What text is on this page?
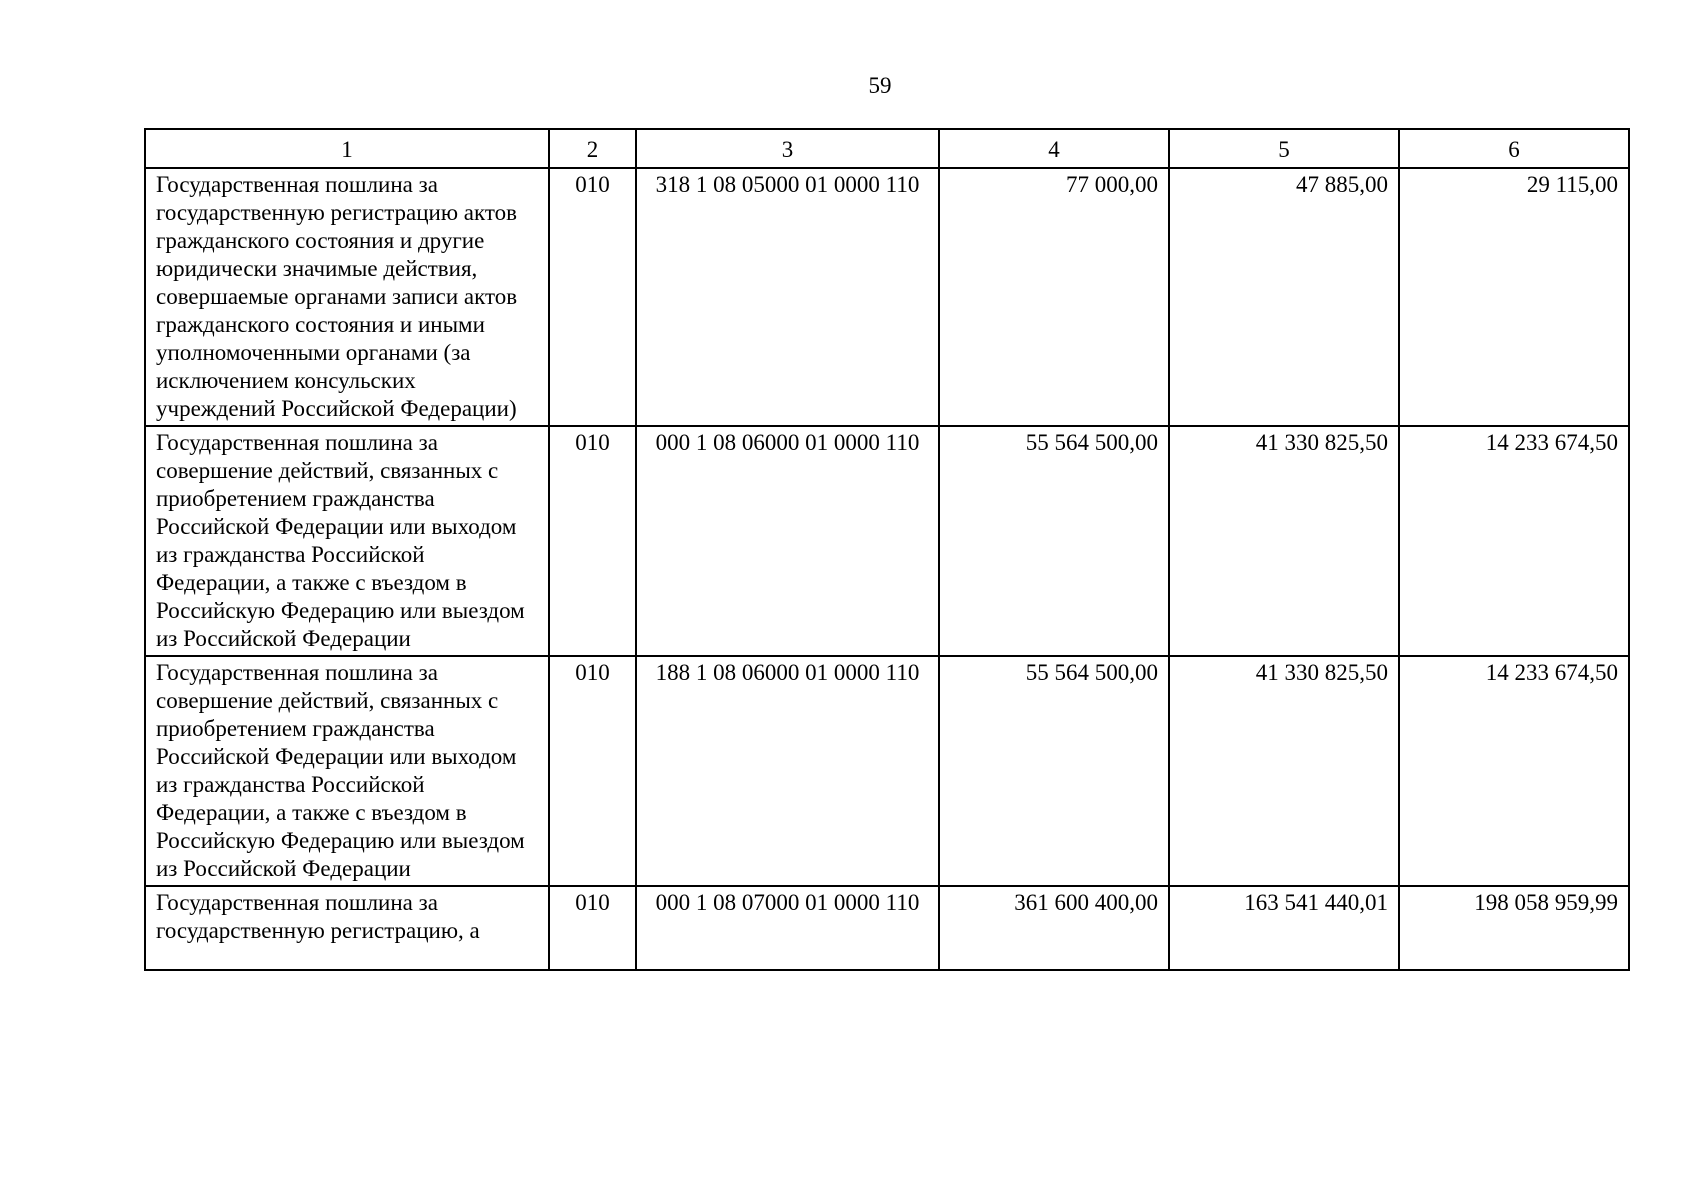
59
1	2	3	4	5	6
Государственная пошлина за государственную регистрацию актов гражданского состояния и другие юридически значимые действия, совершаемые органами записи актов гражданского состояния и иными уполномоченными органами (за исключением консульских учреждений Российской Федерации)	010	318 1 08 05000 01 0000 110	77 000,00	47 885,00	29 115,00
Государственная пошлина за совершение действий, связанных с приобретением гражданства Российской Федерации или выходом из гражданства Российской Федерации, а также с въездом в Российскую Федерацию или выездом из Российской Федерации	010	000 1 08 06000 01 0000 110	55 564 500,00	41 330 825,50	14 233 674,50
Государственная пошлина за совершение действий, связанных с приобретением гражданства Российской Федерации или выходом из гражданства Российской Федерации, а также с въездом в Российскую Федерацию или выездом из Российской Федерации	010	188 1 08 06000 01 0000 110	55 564 500,00	41 330 825,50	14 233 674,50
Государственная пошлина за государственную регистрацию, а	010	000 1 08 07000 01 0000 110	361 600 400,00	163 541 440,01	198 058 959,99
